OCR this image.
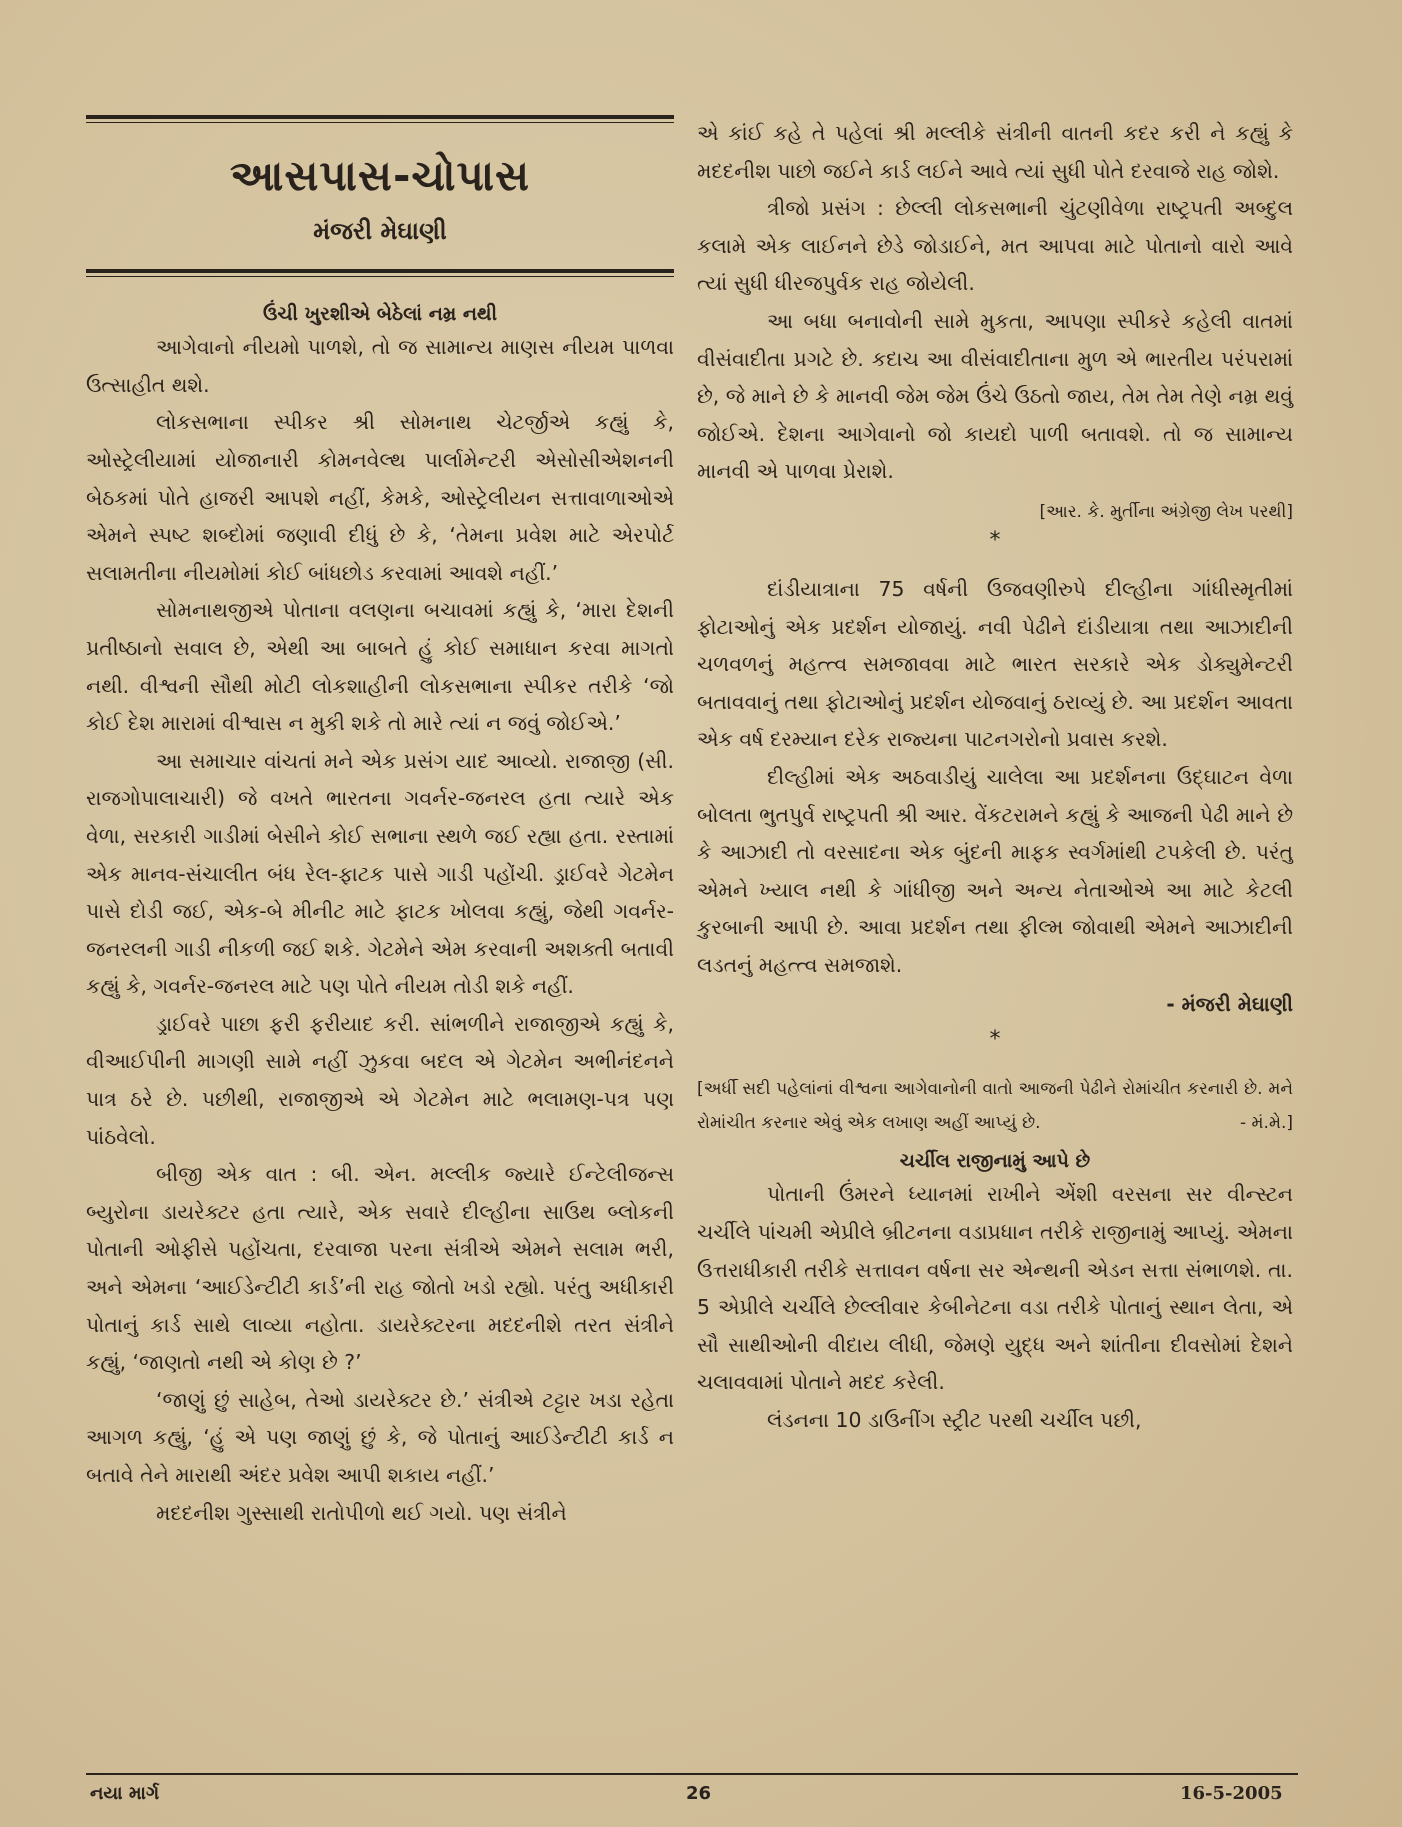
આસપાસ-ચોપાસ
મંજરી મેઘાણી
ઉંચી ખુરશીએ બેઠેલાં નમ્ર નથી

આગેવાનો નીયમો પાળશે, તો જ સામાન્ય માણસ નીયમ પાળવા ઉત્સાહીત થશે.

લોકસભાના સ્પીકર શ્રી સોમનાથ ચેટર્જીએ કહ્યું કે, ઓસ્ટ્રેલીયામાં યોજાનારી કોમનવેલ્થ પાર્લામેન્ટરી એસોસીએશનની બેઠકમાં પોતે હાજરી આપશે નહીં, કેમકે, ઓસ્ટ્રેલીયન સત્તાવાળાઓએ એમને સ્પષ્ટ શબ્દોમાં જણાવી દીધું છે કે, ‘તેમના પ્રવેશ માટે એરપોર્ટ સલામતીના નીયમોમાં કોઈ બાંધછોડ કરવામાં આવશે નહીં.’

સોમનાથજીએ પોતાના વલણના બચાવમાં કહ્યું કે, ‘મારા દેશની પ્રતીષ્ઠાનો સવાલ છે, એથી આ બાબતે હું કોઈ સમાધાન કરવા માગતો નથી. વીશ્વની સૌથી મોટી લોકશાહીની લોકસભાના સ્પીકર તરીકે ‘જો કોઈ દેશ મારામાં વીશ્વાસ ન મુકી શકે તો મારે ત્યાં ન જવું જોઈએ.’

આ સમાચાર વાંચતાં મને એક પ્રસંગ યાદ આવ્યો. રાજાજી (સી. રાજગોપાલાચારી) જે વખતે ભારતના ગવર્નર-જનરલ હતા ત્યારે એક વેળા, સરકારી ગાડીમાં બેસીને કોઈ સભાના સ્થળે જઈ રહ્યા હતા. રસ્તામાં એક માનવ-સંચાલીત બંધ રેલ-ફાટક પાસે ગાડી પહોંચી. ડ્રાઈવરે ગેટમેન પાસે દોડી જઈ, એક-બે મીનીટ માટે ફાટક ખોલવા કહ્યું, જેથી ગવર્નર-જનરલની ગાડી નીકળી જઈ શકે. ગેટમેને એમ કરવાની અશક્તી બતાવી કહ્યું કે, ગવર્નર-જનરલ માટે પણ પોતે નીયમ તોડી શકે નહીં.

ડ્રાઈવરે પાછા ફરી ફરીયાદ કરી. સાંભળીને રાજાજીએ કહ્યું કે, વીઆઈપીની માગણી સામે નહીં ઝુકવા બદલ એ ગેટમેન અભીનંદનને પાત્ર ઠરે છે. પછીથી, રાજાજીએ એ ગેટમેન માટે ભલામણ-પત્ર પણ પાંઠવેલો.

બીજી એક વાત : બી. એન. મલ્લીક જ્યારે ઈન્ટેલીજન્સ બ્યુરોના ડાયરેક્ટર હતા ત્યારે, એક સવારે દીલ્હીના સાઉથ બ્લોકની પોતાની ઓફીસે પહોંચતા, દરવાજા પરના સંત્રીએ એમને સલામ ભરી, અને એમના ‘આઈડેન્ટીટી કાર્ડ’ની રાહ જોતો ખડો રહ્યો. પરંતુ અધીકારી પોતાનું કાર્ડ સાથે લાવ્યા નહોતા. ડાયરેક્ટરના મદદનીશે તરત સંત્રીને કહ્યું, ‘જાણતો નથી એ કોણ છે ?’

‘જાણું છું સાહેબ, તેઓ ડાયરેક્ટર છે.’ સંત્રીએ ટટ્ટાર ખડા રહેતા આગળ કહ્યું, ‘હું એ પણ જાણું છું કે, જે પોતાનું આઈડેન્ટીટી કાર્ડ ન બતાવે તેને મારાથી અંદર પ્રવેશ આપી શકાય નહીં.’

મદદનીશ ગુસ્સાથી રાતોપીળો થઈ ગયો. પણ સંત્રીને

એ કાંઈ કહે તે પહેલાં શ્રી મલ્લીકે સંત્રીની વાતની કદર કરી ને કહ્યું કે મદદનીશ પાછો જઈને કાર્ડ લઈને આવે ત્યાં સુધી પોતે દરવાજે રાહ જોશે.

ત્રીજો પ્રસંગ : છેલ્લી લોકસભાની ચુંટણીવેળા રાષ્ટ્રપતી અબ્દુલ કલામે એક લાઈનને છેડે જોડાઈને, મત આપવા માટે પોતાનો વારો આવે ત્યાં સુધી ધીરજપુર્વક રાહ જોયેલી.

આ બધા બનાવોની સામે મુકતા, આપણા સ્પીકરે કહેલી વાતમાં વીસંવાદીતા પ્રગટે છે. કદાચ આ વીસંવાદીતાના મુળ એ ભારતીય પરંપરામાં છે, જે માને છે કે માનવી જેમ જેમ ઉંચે ઉઠતો જાય, તેમ તેમ તેણે નમ્ર થવું જોઈએ. દેશના આગેવાનો જો કાયદો પાળી બતાવશે. તો જ સામાન્ય માનવી એ પાળવા પ્રેરાશે.

[આર. કે. મુર્તીના અંગ્રેજી લેખ પરથી]
*

દાંડીયાત્રાના 75 વર્ષની ઉજવણીરુપે દીલ્હીના ગાંધીસ્મૃતીમાં ફોટાઓનું એક પ્રદર્શન યોજાયું. નવી પેઢીને દાંડીયાત્રા તથા આઝાદીની ચળવળનું મહત્ત્વ સમજાવવા માટે ભારત સરકારે એક ડોક્યુમેન્ટરી બતાવવાનું તથા ફોટાઓનું પ્રદર્શન યોજવાનું ઠરાવ્યું છે. આ પ્રદર્શન આવતા એક વર્ષ દરમ્યાન દરેક રાજ્યના પાટનગરોનો પ્રવાસ કરશે.

દીલ્હીમાં એક અઠવાડીયું ચાલેલા આ પ્રદર્શનના ઉદ્ઘાટન વેળા બોલતા ભુતપુર્વ રાષ્ટ્રપતી શ્રી આર. વેંકટરામને કહ્યું કે આજની પેઢી માને છે કે આઝાદી તો વરસાદના એક બુંદની માફક સ્વર્ગમાંથી ટપકેલી છે. પરંતુ એમને ખ્યાલ નથી કે ગાંધીજી અને અન્ય નેતાઓએ આ માટે કેટલી કુરબાની આપી છે. આવા પ્રદર્શન તથા ફીલ્મ જોવાથી એમને આઝાદીની લડતનું મહત્ત્વ સમજાશે.

- મંજરી મેઘાણી
*
[અર્ધી સદી પહેલાંનાં વીશ્વના આગેવાનોની વાતો આજની પેઢીને રોમાંચીત કરનારી છે. મને રોમાંચીત કરનાર એવું એક લખાણ અહીં આપ્યું છે.	- મં.મે.]
ચર્ચીલ રાજીનામું આપે છે

પોતાની ઉંમરને ધ્યાનમાં રાખીને એંશી વરસના સર વીન્સ્ટન ચર્ચીલે પાંચમી એપ્રીલે બ્રીટનના વડાપ્રધાન તરીકે રાજીનામું આપ્યું. એમના ઉત્તરાધીકારી તરીકે સત્તાવન વર્ષના સર એન્થની એડન સત્તા સંભાળશે. તા. 5 એપ્રીલે ચર્ચીલે છેલ્લીવાર કેબીનેટના વડા તરીકે પોતાનું સ્થાન લેતા, એ સૌ સાથીઓની વીદાય લીધી, જેમણે યુદ્ધ અને શાંતીના દીવસોમાં દેશને ચલાવવામાં પોતાને મદદ કરેલી.

લંડનના 10 ડાઉનીંગ સ્ટ્રીટ પરથી ચર્ચીલ પછી,

નયા માર્ગ	26	16-5-2005
